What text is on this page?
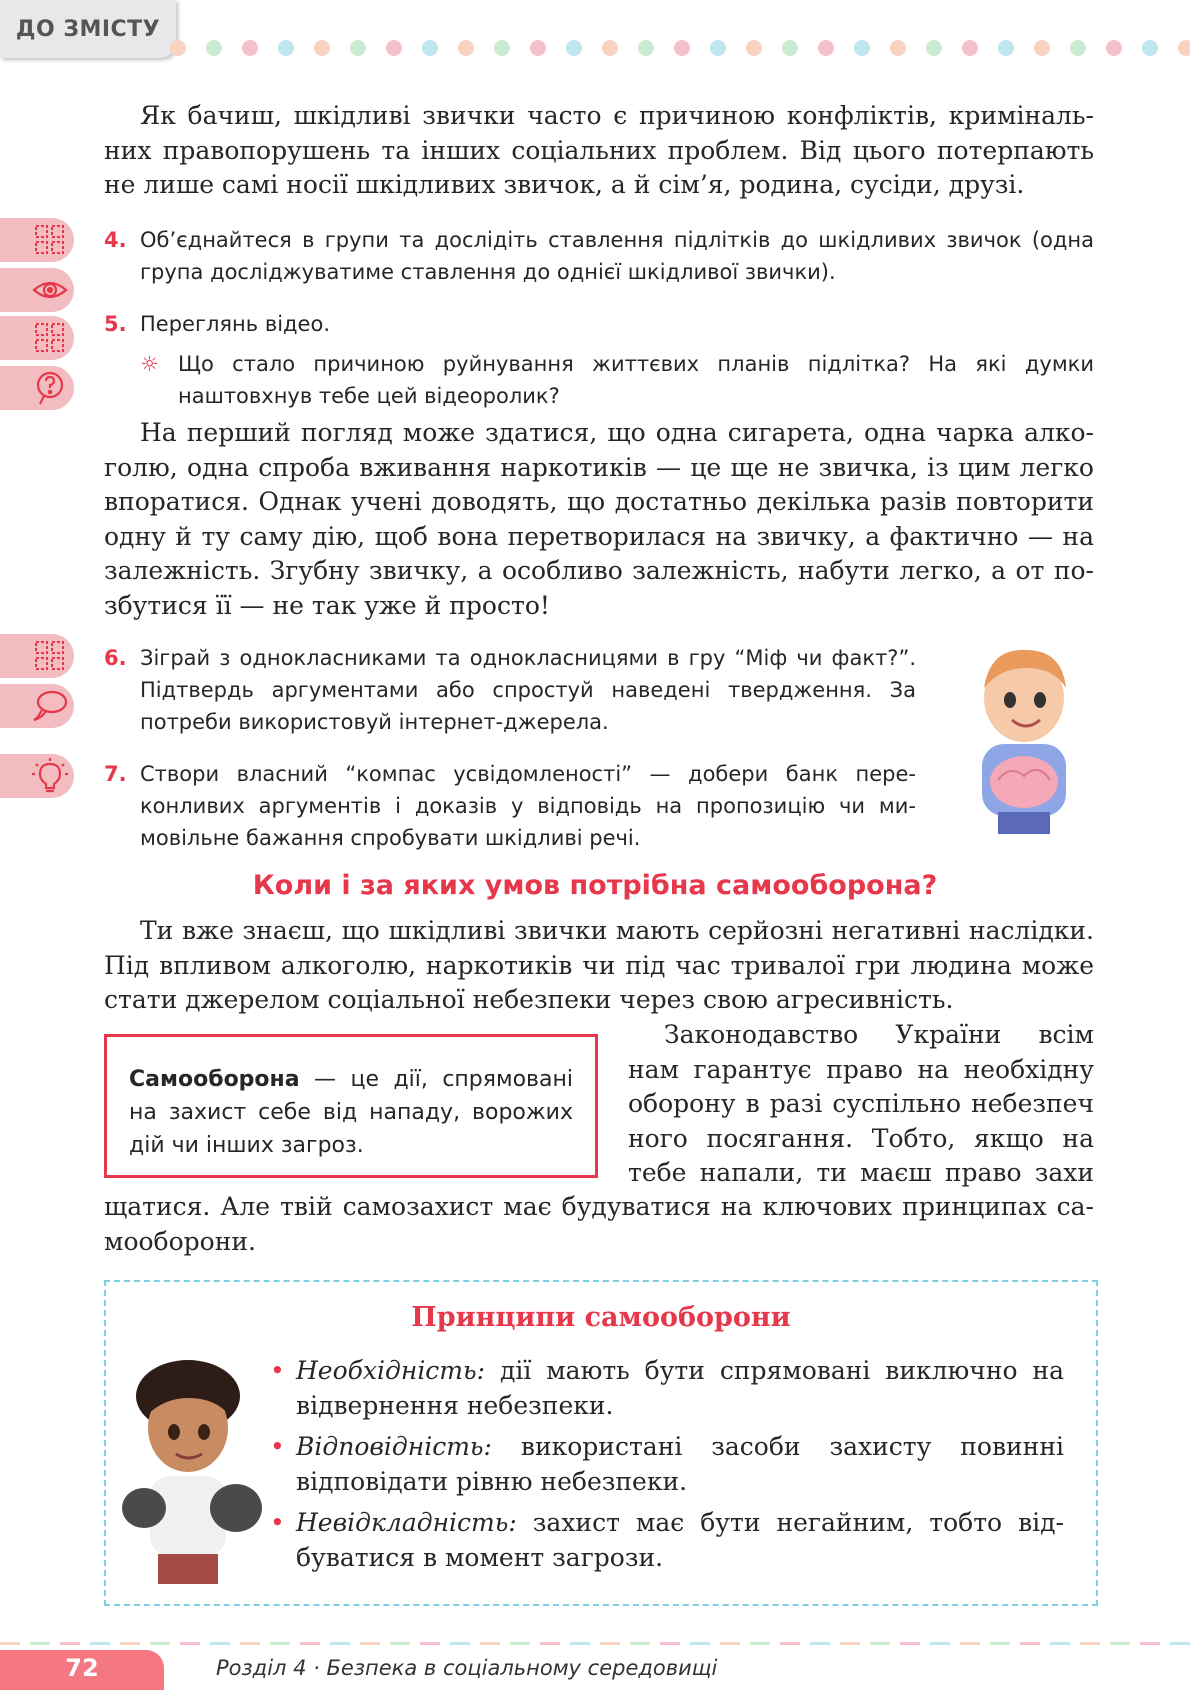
ДО ЗМІСТУ
Як бачиш, шкідливі звички часто є причиною конфліктів, кримінальних правопорушень та інших соціальних проблем. Від цього потерпають не лише самі носії шкідливих звичок, а й сім’я, родина, сусіди, друзі.
4. Об’єднайтеся в групи та дослідіть ставлення підлітків до шкідливих звичок (одна група досліджуватиме ставлення до однієї шкідливої звички).
5. Переглянь відео.
☼ Що стало причиною руйнування життєвих планів підлітка? На які думки наштовхнув тебе цей відеоролик?
На перший погляд може здатися, що одна сигарета, одна чарка алкоголю, одна спроба вживання наркотиків — це ще не звичка, із цим легко впоратися. Однак учені доводять, що достатньо декілька разів повторити одну й ту саму дію, щоб вона перетворилася на звичку, а фактично — на залежність. Згубну звичку, а особливо залежність, набути легко, а от позбутися її — не так уже й просто!
6. Зіграй з однокласниками та однокласницями в гру “Міф чи факт?”. Підтвердь аргументами або спростуй наведені твердження. За потреби використовуй інтернет-джерела.
7. Створи власний “компас усвідомленості” — добери банк переконливих аргументів і доказів у відповідь на пропозицію чи мимовільне бажання спробувати шкідливі речі.
Коли і за яких умов потрібна самооборона?
Ти вже знаєш, що шкідливі звички мають серйозні негативні наслідки. Під впливом алкоголю, наркотиків чи під час тривалої гри людина може стати джерелом соціальної небезпеки через свою агресивність.
Самооборона — це дії, спрямовані на захист себе від нападу, ворожих дій чи інших загроз.
Законодавство України всім
нам гарантує право на необхідну
оборону в разі суспільно небезпеч
ного посягання. Тобто, якщо на
тебе напали, ти маєш право захи
щатися. Але твій самозахист має будуватися на ключових принципах самооборони.
Принципи самооборони
• Необхідність: дії мають бути спрямовані виключно на відвернення небезпеки.
• Відповідність: використані засоби захисту повинні відповідати рівню небезпеки.
• Невідкладність: захист має бути негайним, тобто відбуватися в момент загрози.
72	Розділ 4 · Безпека в соціальному середовищі
